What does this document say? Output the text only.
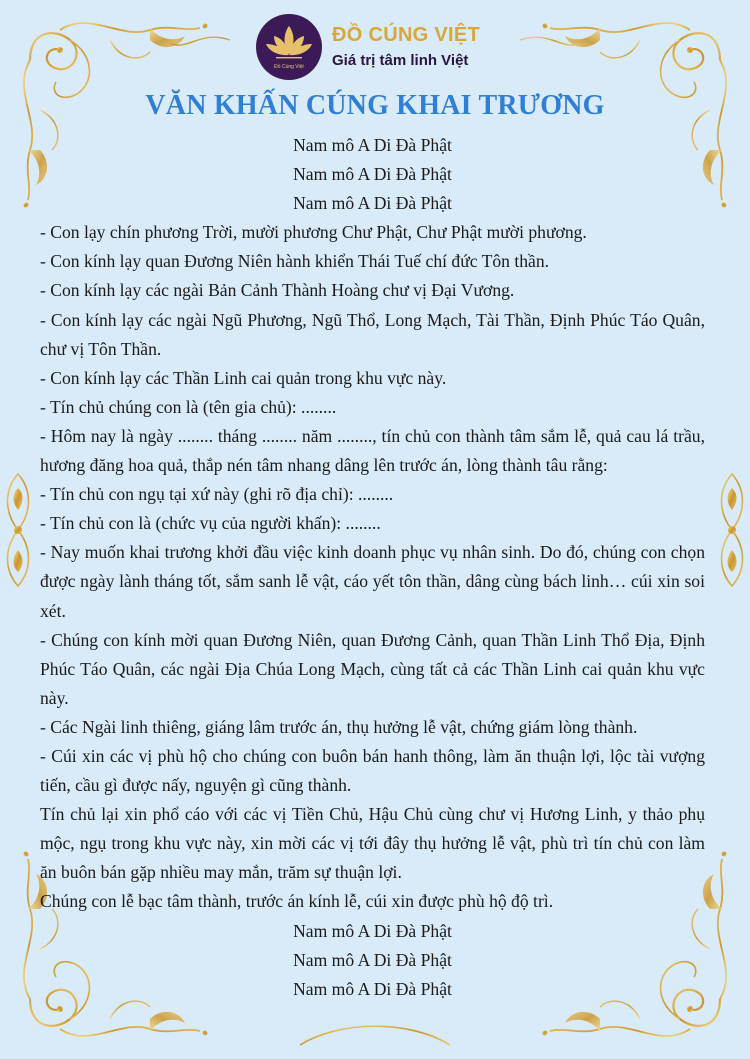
Đồ Cúng Việt
ĐỒ CÚNG VIỆT
Giá trị tâm linh Việt
VĂN KHẤN CÚNG KHAI TRƯƠNG

Nam mô A Di Đà Phật

Nam mô A Di Đà Phật

Nam mô A Di Đà Phật

- Con lạy chín phương Trời, mười phương Chư Phật, Chư Phật mười phương.

- Con kính lạy quan Đương Niên hành khiển Thái Tuế chí đức Tôn thần.

- Con kính lạy các ngài Bản Cảnh Thành Hoàng chư vị Đại Vương.

- Con kính lạy các ngài Ngũ Phương, Ngũ Thổ, Long Mạch, Tài Thần, Định Phúc Táo Quân, chư vị Tôn Thần.

- Con kính lạy các Thần Linh cai quản trong khu vực này.

- Tín chủ chúng con là (tên gia chủ): ........

- Hôm nay là ngày ........ tháng ........ năm ........, tín chủ con thành tâm sắm lễ, quả cau lá trầu, hương đăng hoa quả, thắp nén tâm nhang dâng lên trước án, lòng thành tâu rằng:

- Tín chủ con ngụ tại xứ này (ghi rõ địa chỉ): ........

- Tín chủ con là (chức vụ của người khấn): ........

- Nay muốn khai trương khởi đầu việc kinh doanh phục vụ nhân sinh. Do đó, chúng con chọn được ngày lành tháng tốt, sắm sanh lễ vật, cáo yết tôn thần, dâng cùng bách linh… cúi xin soi xét.

- Chúng con kính mời quan Đương Niên, quan Đương Cảnh, quan Thần Linh Thổ Địa, Định Phúc Táo Quân, các ngài Địa Chúa Long Mạch, cùng tất cả các Thần Linh cai quản khu vực này.

- Các Ngài linh thiêng, giáng lâm trước án, thụ hưởng lễ vật, chứng giám lòng thành.

- Cúi xin các vị phù hộ cho chúng con buôn bán hanh thông, làm ăn thuận lợi, lộc tài vượng tiến, cầu gì được nấy, nguyện gì cũng thành.

Tín chủ lại xin phổ cáo với các vị Tiền Chủ, Hậu Chủ cùng chư vị Hương Linh, y thảo phụ mộc, ngụ trong khu vực này, xin mời các vị tới đây thụ hưởng lễ vật, phù trì tín chủ con làm ăn buôn bán gặp nhiều may mắn, trăm sự thuận lợi.

Chúng con lễ bạc tâm thành, trước án kính lễ, cúi xin được phù hộ độ trì.

Nam mô A Di Đà Phật

Nam mô A Di Đà Phật

Nam mô A Di Đà Phật
